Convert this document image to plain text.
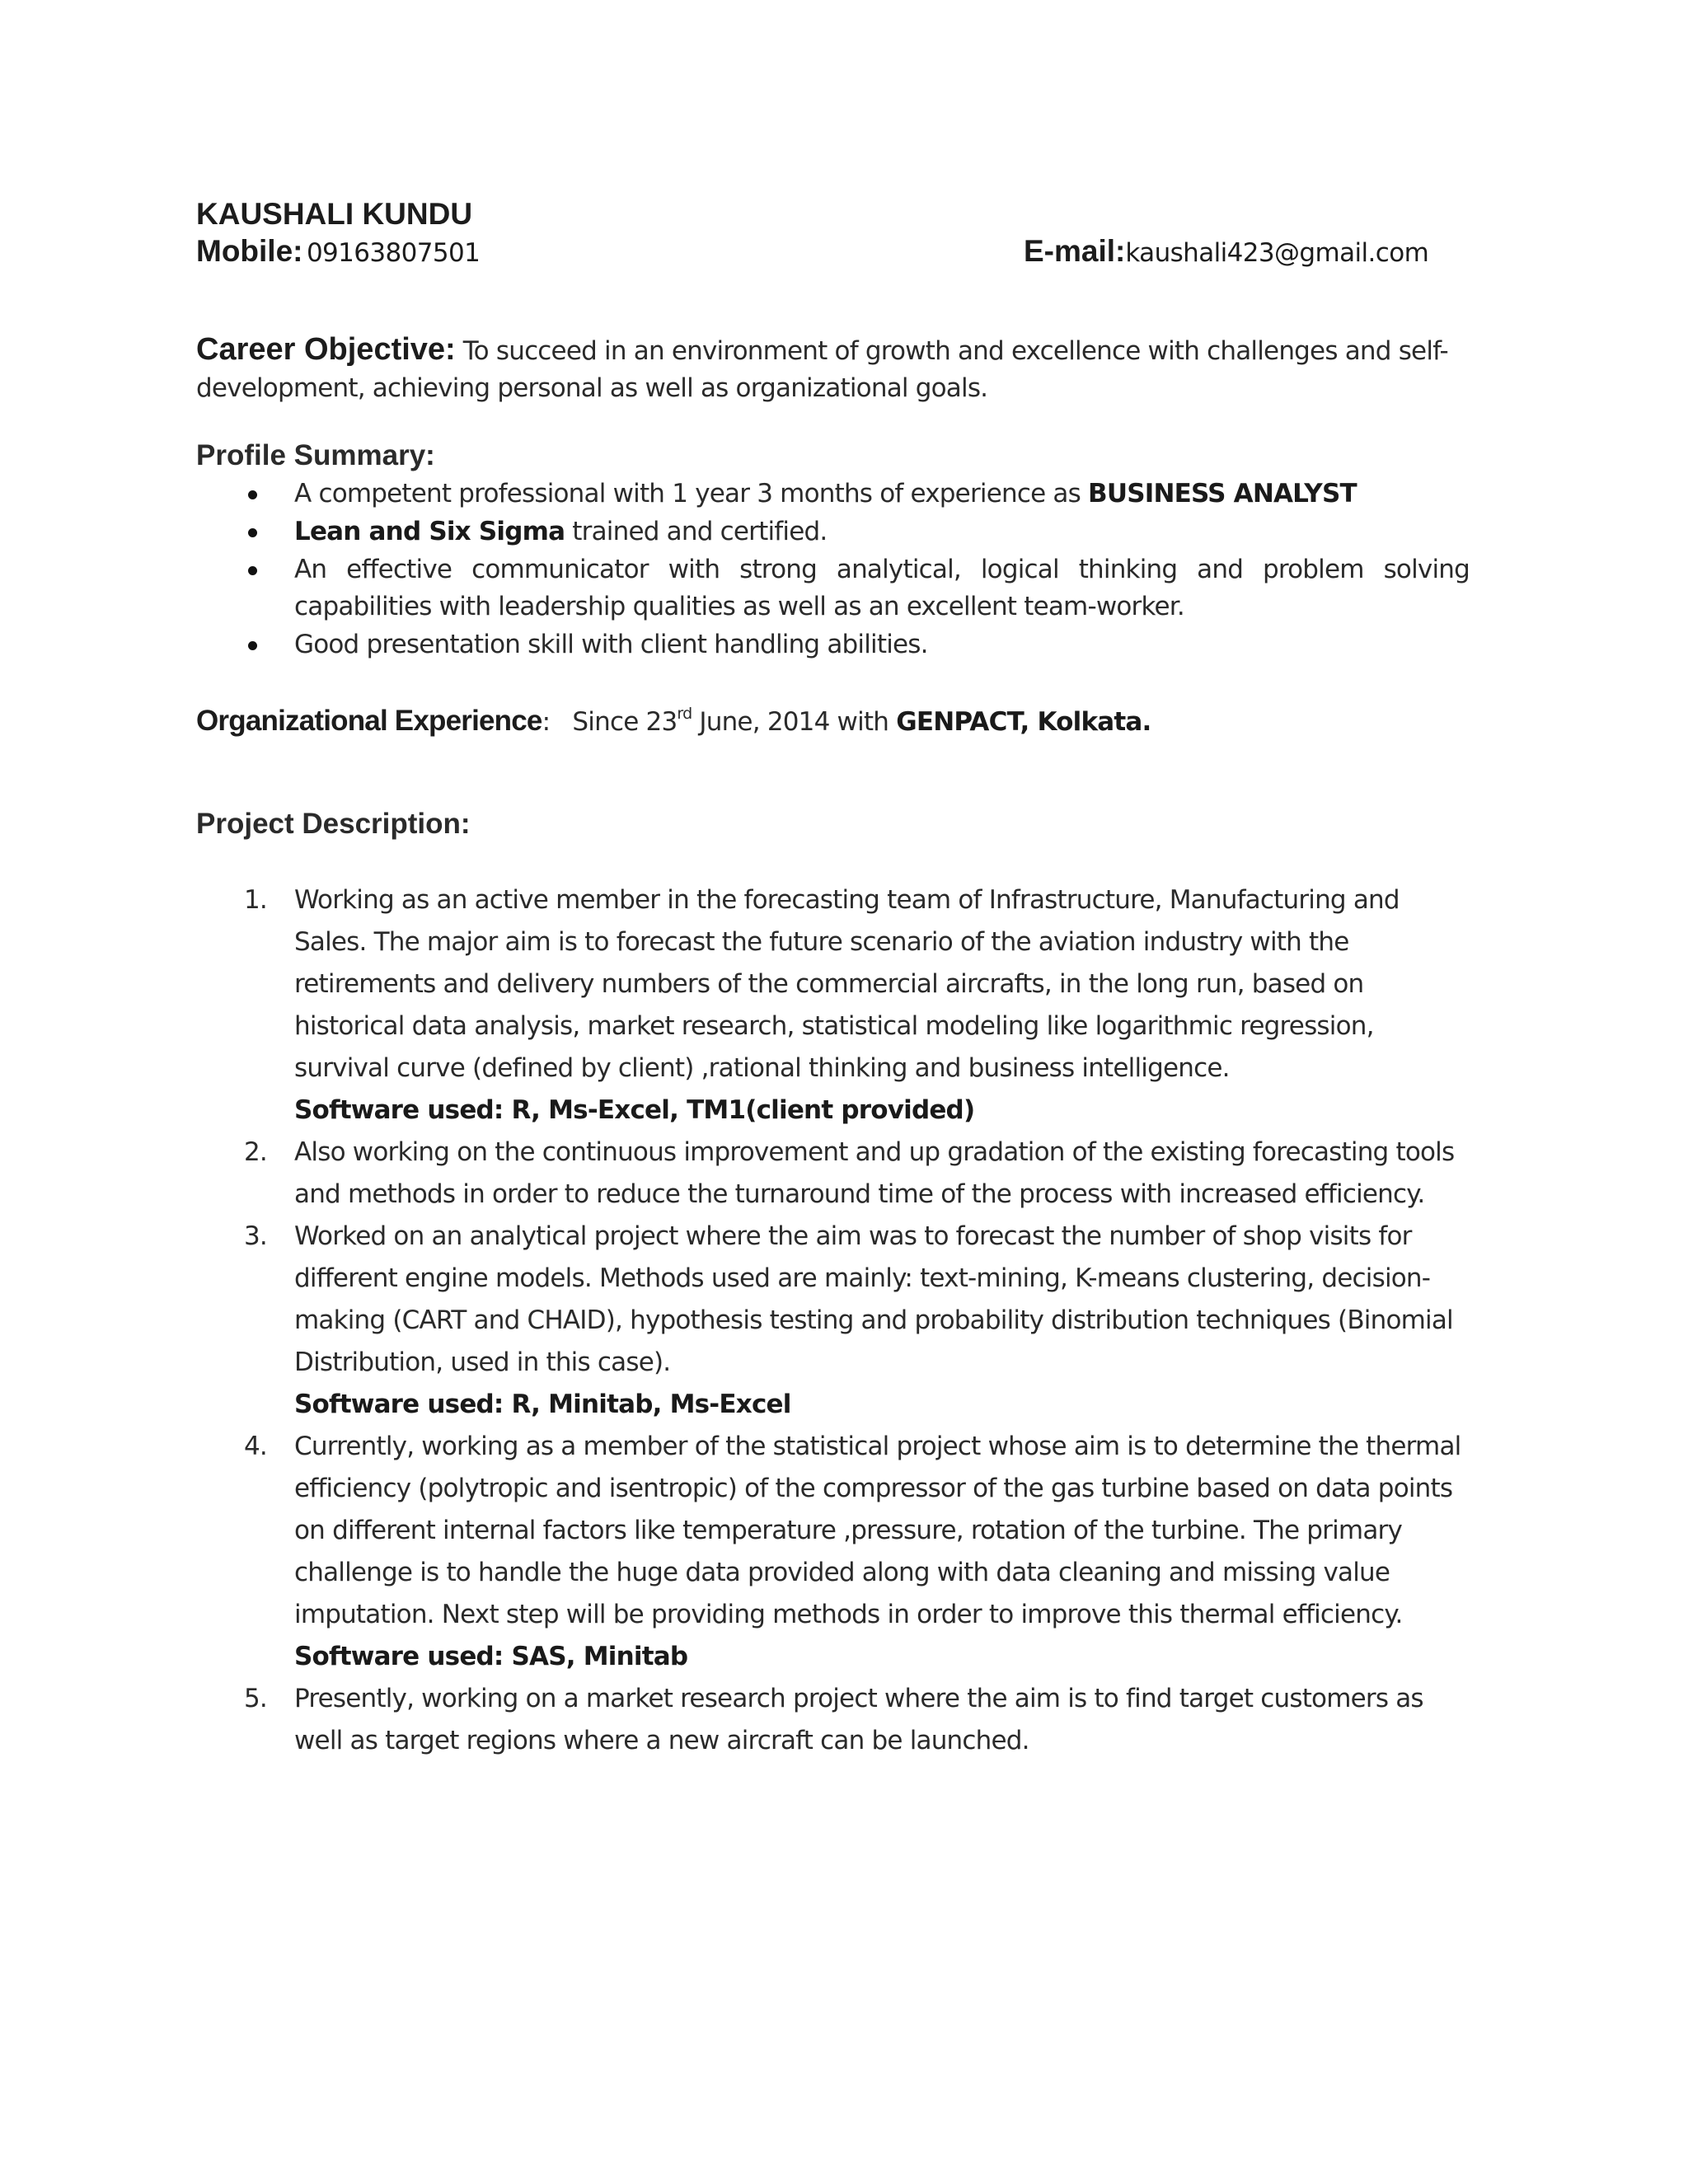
KAUSHALI KUNDU
Mobile: 09163807501	E-mail:kaushali423@gmail.com
Career Objective: To succeed in an environment of growth and excellence with challenges and self-development, achieving personal as well as organizational goals.
Profile Summary:
A competent professional with 1 year 3 months of experience as BUSINESS ANALYST
Lean and Six Sigma trained and certified.
An effective communicator with strong analytical, logical thinking and problem solving capabilities with leadership qualities as well as an excellent team-worker.
Good presentation skill with client handling abilities.
Organizational Experience: Since 23rd June, 2014 with GENPACT, Kolkata.
Project Description:
1. Working as an active member in the forecasting team of Infrastructure, Manufacturing and Sales. The major aim is to forecast the future scenario of the aviation industry with the retirements and delivery numbers of the commercial aircrafts, in the long run, based on historical data analysis, market research, statistical modeling like logarithmic regression, survival curve (defined by client) ,rational thinking and business intelligence.
Software used: R, Ms-Excel, TM1(client provided)
2. Also working on the continuous improvement and up gradation of the existing forecasting tools and methods in order to reduce the turnaround time of the process with increased efficiency.
3. Worked on an analytical project where the aim was to forecast the number of shop visits for different engine models. Methods used are mainly: text-mining, K-means clustering, decision-making (CART and CHAID), hypothesis testing and probability distribution techniques (Binomial Distribution, used in this case).
Software used: R, Minitab, Ms-Excel
4. Currently, working as a member of the statistical project whose aim is to determine the thermal efficiency (polytropic and isentropic) of the compressor of the gas turbine based on data points on different internal factors like temperature ,pressure, rotation of the turbine. The primary challenge is to handle the huge data provided along with data cleaning and missing value imputation. Next step will be providing methods in order to improve this thermal efficiency.
Software used: SAS, Minitab
5. Presently, working on a market research project where the aim is to find target customers as well as target regions where a new aircraft can be launched.
